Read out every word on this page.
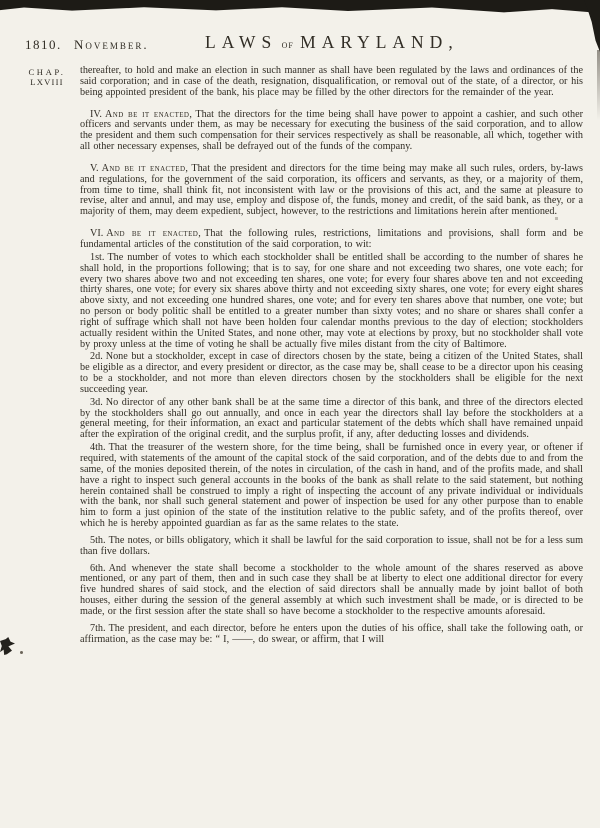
1810. November.	LAWS of MARYLAND,
CHAP.
LXVIII

thereafter, to hold and make an election in such manner as shall have been regulated by the laws and ordinances of the said corporation; and in case of the death, resignation, disqualification, or removal out of the state, of a director, or his being appointed president of the bank, his place may be filled by the other directors for the remainder of the year.

IV. And be it enacted, That the directors for the time being shall have power to appoint a cashier, and such other officers and servants under them, as may be necessary for executing the business of the said corporation, and to allow the president and them such compensation for their services respectively as shall be reasonable, all which, together with all other necessary expenses, shall be defrayed out of the funds of the company.

V. And be it enacted, That the president and directors for the time being may make all such rules, orders, by-laws and regulations, for the government of the said corporation, its officers and servants, as they, or a majority of them, from time to time, shall think fit, not inconsistent with law or the provisions of this act, and the same at pleasure to revise, alter and annul, and may use, employ and dispose of, the funds, money and credit, of the said bank, as they, or a majority of them, may deem expedient, subject, however, to the restrictions and limitations herein after mentioned.

VI. And be it enacted, That the following rules, restrictions, limitations and provisions, shall form and be fundamental articles of the constitution of the said corporation, to wit:

1st. The number of votes to which each stockholder shall be entitled shall be according to the number of shares he shall hold, in the proportions following; that is to say, for one share and not exceeding two shares, one vote each; for every two shares above two and not exceeding ten shares, one vote; for every four shares above ten and not exceeding thirty shares, one vote; for every six shares above thirty and not exceeding sixty shares, one vote; for every eight shares above sixty, and not exceeding one hundred shares, one vote; and for every ten shares above that number, one vote; but no person or body politic shall be entitled to a greater number than sixty votes; and no share or shares shall confer a right of suffrage which shall not have been holden four calendar months previous to the day of election; stockholders actually resident within the United States, and none other, may vote at elections by proxy, but no stockholder shall vote by proxy unless at the time of voting he shall be actually five miles distant from the city of Baltimore.

2d. None but a stockholder, except in case of directors chosen by the state, being a citizen of the United States, shall be eligible as a director, and every president or director, as the case may be, shall cease to be a director upon his ceasing to be a stockholder, and not more than eleven directors chosen by the stockholders shall be eligible for the next succeeding year.

3d. No director of any other bank shall be at the same time a director of this bank, and three of the directors elected by the stockholders shall go out annually, and once in each year the directors shall lay before the stockholders at a general meeting, for their information, an exact and particular statement of the debts which shall have remained unpaid after the expiration of the original credit, and the surplus profit, if any, after deducting losses and dividends.

4th. That the treasurer of the western shore, for the time being, shall be furnished once in every year, or oftener if required, with statements of the amount of the capital stock of the said corporation, and of the debts due to and from the same, of the monies deposited therein, of the notes in circulation, of the cash in hand, and of the profits made, and shall have a right to inspect such general accounts in the books of the bank as shall relate to the said statement, but nothing herein contained shall be construed to imply a right of inspecting the account of any private individual or individuals with the bank, nor shall such general statement and power of inspection be used for any other purpose than to enable him to form a just opinion of the state of the institution relative to the public safety, and of the profits thereof, over which he is hereby appointed guardian as far as the same relates to the state.

5th. The notes, or bills obligatory, which it shall be lawful for the said corporation to issue, shall not be for a less sum than five dollars.

6th. And whenever the state shall become a stockholder to the whole amount of the shares reserved as above mentioned, or any part of them, then and in such case they shall be at liberty to elect one additional director for every five hundred shares of said stock, and the election of said directors shall be annually made by joint ballot of both houses, either during the session of the general assembly at which such investment shall be made, or is directed to be made, or the first session after the state shall so have become a stockholder to the respective amounts aforesaid.

7th. The president, and each director, before he enters upon the duties of his office, shall take the following oath, or affirmation, as the case may be: “ I, ——, do swear, or affirm, that I will
